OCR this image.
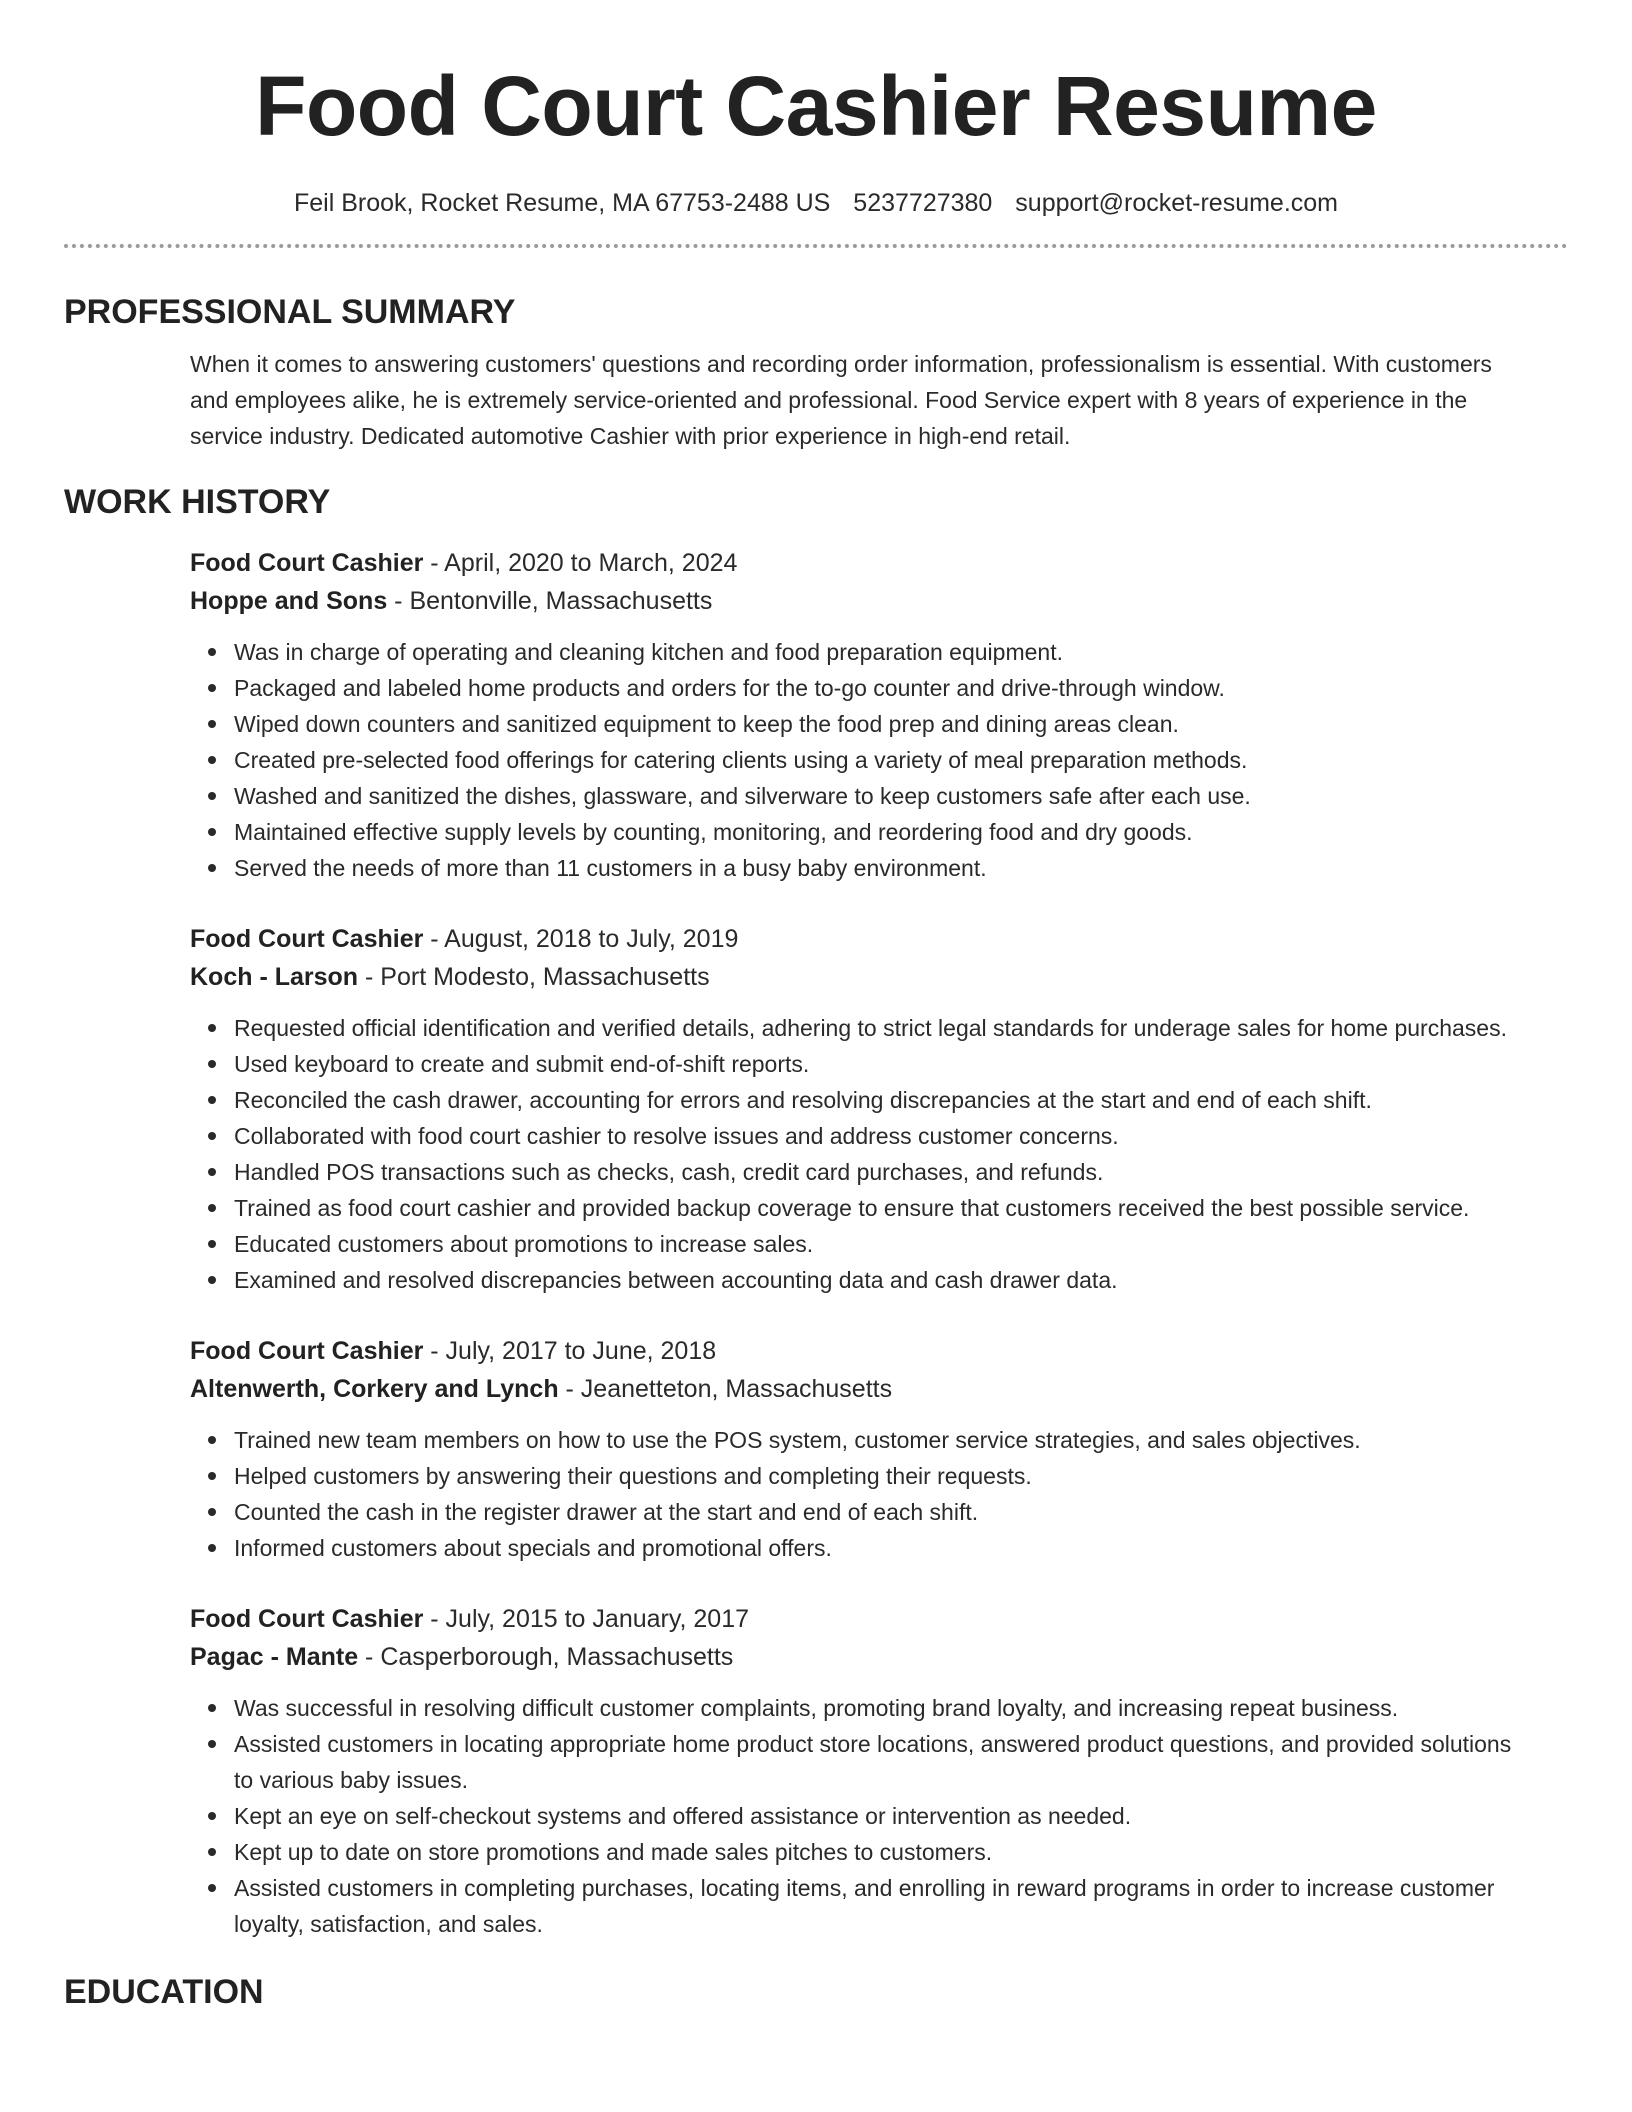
Food Court Cashier Resume
Feil Brook, Rocket Resume, MA 67753-2488 US 5237727380 support@rocket-resume.com
PROFESSIONAL SUMMARY

When it comes to answering customers' questions and recording order information, professionalism is essential. With customers and employees alike, he is extremely service-oriented and professional. Food Service expert with 8 years of experience in the service industry. Dedicated automotive Cashier with prior experience in high-end retail.

WORK HISTORY
Food Court Cashier - April, 2020 to March, 2024
Hoppe and Sons - Bentonville, Massachusetts
Was in charge of operating and cleaning kitchen and food preparation equipment.
Packaged and labeled home products and orders for the to-go counter and drive-through window.
Wiped down counters and sanitized equipment to keep the food prep and dining areas clean.
Created pre-selected food offerings for catering clients using a variety of meal preparation methods.
Washed and sanitized the dishes, glassware, and silverware to keep customers safe after each use.
Maintained effective supply levels by counting, monitoring, and reordering food and dry goods.
Served the needs of more than 11 customers in a busy baby environment.
Food Court Cashier - August, 2018 to July, 2019
Koch - Larson - Port Modesto, Massachusetts
Requested official identification and verified details, adhering to strict legal standards for underage sales for home purchases.
Used keyboard to create and submit end-of-shift reports.
Reconciled the cash drawer, accounting for errors and resolving discrepancies at the start and end of each shift.
Collaborated with food court cashier to resolve issues and address customer concerns.
Handled POS transactions such as checks, cash, credit card purchases, and refunds.
Trained as food court cashier and provided backup coverage to ensure that customers received the best possible service.
Educated customers about promotions to increase sales.
Examined and resolved discrepancies between accounting data and cash drawer data.
Food Court Cashier - July, 2017 to June, 2018
Altenwerth, Corkery and Lynch - Jeanetteton, Massachusetts
Trained new team members on how to use the POS system, customer service strategies, and sales objectives.
Helped customers by answering their questions and completing their requests.
Counted the cash in the register drawer at the start and end of each shift.
Informed customers about specials and promotional offers.
Food Court Cashier - July, 2015 to January, 2017
Pagac - Mante - Casperborough, Massachusetts
Was successful in resolving difficult customer complaints, promoting brand loyalty, and increasing repeat business.
Assisted customers in locating appropriate home product store locations, answered product questions, and provided solutions to various baby issues.
Kept an eye on self-checkout systems and offered assistance or intervention as needed.
Kept up to date on store promotions and made sales pitches to customers.
Assisted customers in completing purchases, locating items, and enrolling in reward programs in order to increase customer loyalty, satisfaction, and sales.
EDUCATION
